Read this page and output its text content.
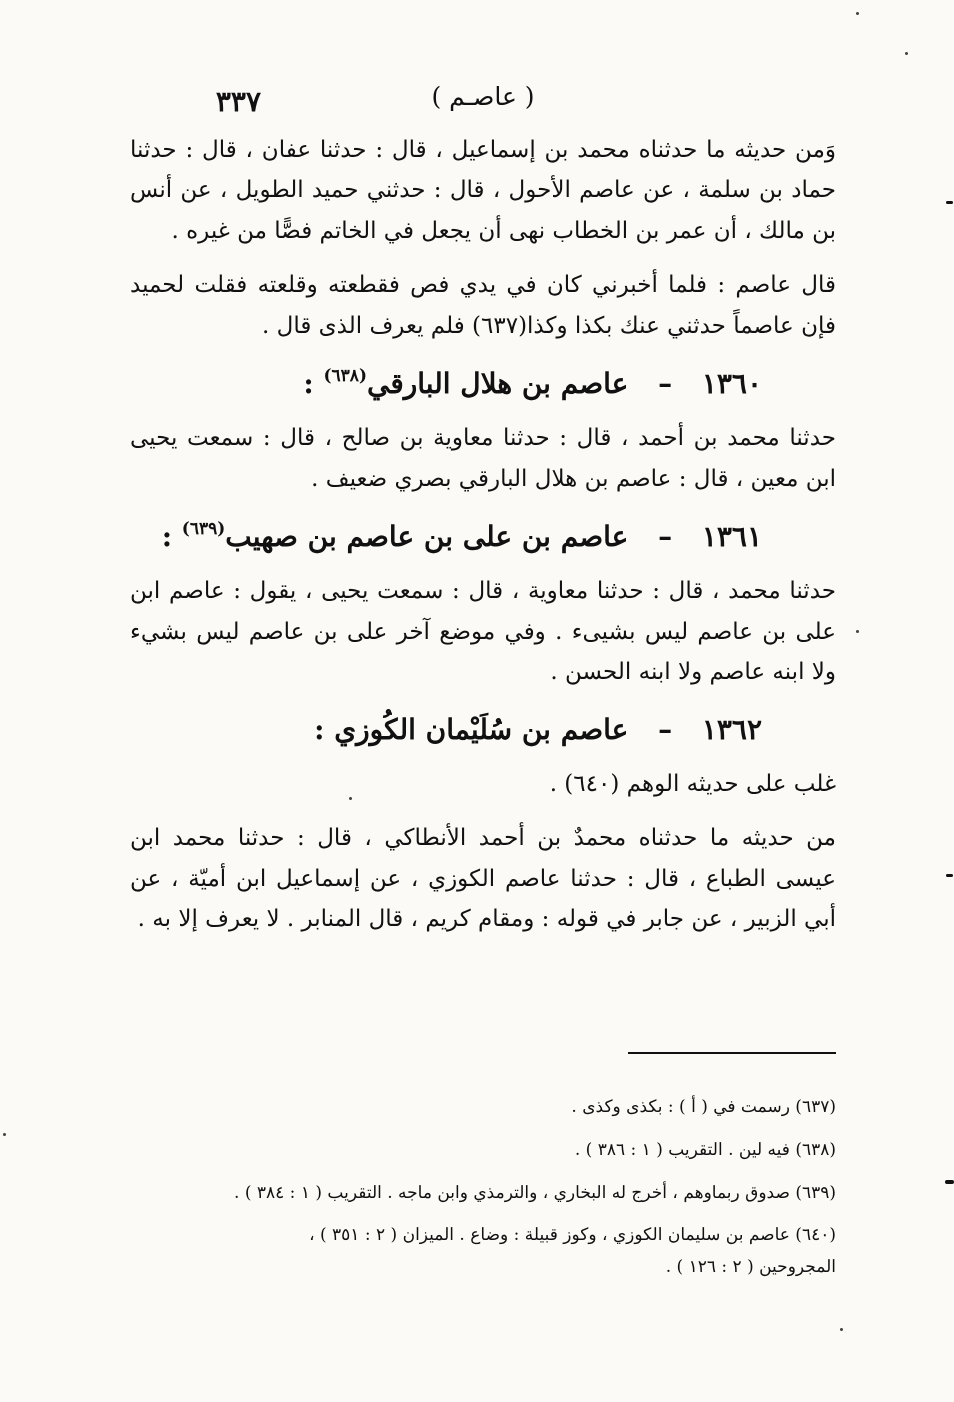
٣٣٧	( عاصـم )

وَمن حديثه ما حدثناه محمد بن إسماعيل ، قال : حدثنا عفان ، قال : حدثنا حماد بن سلمة ، عن عاصم الأحول ، قال : حدثني حميد الطويل ، عن أنس بن مالك ، أن عمر بن الخطاب نهى أن يجعل في الخاتم فصًّا من غيره .

قال عاصم : فلما أخبرني كان في يدي فص فقطعته وقلعته فقلت لحميد فإن عاصماً حدثني عنك بكذا وكذا(٦٣٧) فلم يعرف الذى قال .

١٣٦٠ – عاصم بن هلال البارقي$^{(٦٣٨)}$ :

حدثنا محمد بن أحمد ، قال : حدثنا معاوية بن صالح ، قال : سمعت يحيى ابن معين ، قال : عاصم بن هلال البارقي بصري ضعيف .

١٣٦١ – عاصم بن على بن عاصم بن صهيب$^{(٦٣٩)}$ :

حدثنا محمد ، قال : حدثنا معاوية ، قال : سمعت يحيى ، يقول : عاصم ابن على بن عاصم ليس بشيىء . وفي موضع آخر على بن عاصم ليس بشيء ولا ابنه عاصم ولا ابنه الحسن .

١٣٦٢ – عاصم بن سُلَيْمان الكُوزي :

غلب على حديثه الوهم (٦٤٠) .

من حديثه ما حدثناه محمدٌ بن أحمد الأنطاكي ، قال : حدثنا محمد ابن عيسى الطباع ، قال : حدثنا عاصم الكوزي ، عن إسماعيل ابن أميّة ، عن أبي الزبير ، عن جابر في قوله : ومقام كريم ، قال المنابر . لا يعرف إلا به .

(٦٣٧) رسمت في ( أ ) : بكذى وكذى .

(٦٣٨) فيه لين . التقريب ( ١ : ٣٨٦ ) .

(٦٣٩) صدوق ربماوهم ، أخرج له البخاري ، والترمذي وابن ماجه . التقريب ( ١ : ٣٨٤ ) .

(٦٤٠) عاصم بن سليمان الكوزي ، وكوز قبيلة : وضاع . الميزان ( ٢ : ٣٥١ ) ،

المجروحين ( ٢ : ١٢٦ ) .
